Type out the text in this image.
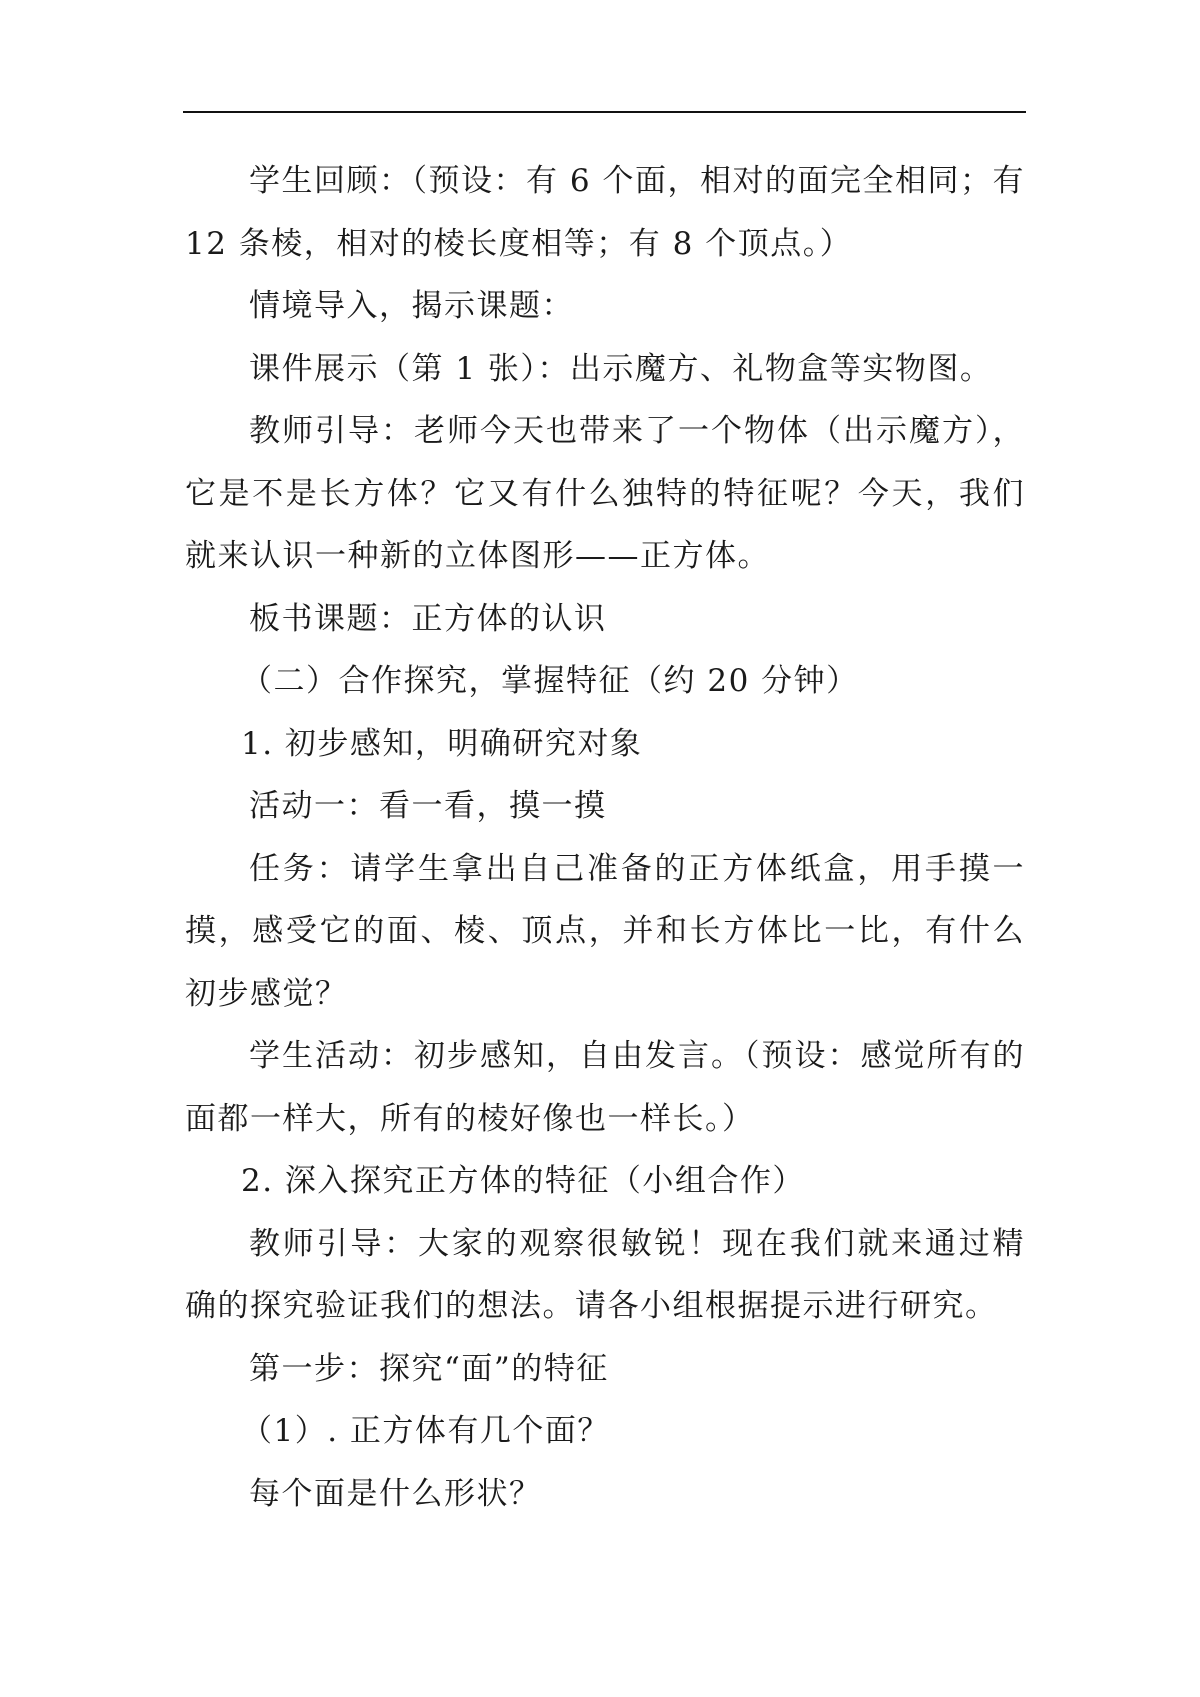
学生回顾：（预设：有 6 个面，相对的面完全相同；有 12 条棱，相对的棱长度相等；有 8 个顶点。）

情境导入，揭示课题：

课件展示（第 1 张）：出示魔方、礼物盒等实物图。

教师引导：老师今天也带来了一个物体（出示魔方），它是不是长方体？它又有什么独特的特征呢？今天，我们就来认识一种新的立体图形——正方体。

板书课题：正方体的认识

（二）合作探究，掌握特征（约 20 分钟）

1. 初步感知，明确研究对象

活动一：看一看，摸一摸

任务：请学生拿出自己准备的正方体纸盒，用手摸一摸，感受它的面、棱、顶点，并和长方体比一比，有什么初步感觉？

学生活动：初步感知，自由发言。（预设：感觉所有的面都一样大，所有的棱好像也一样长。）

2. 深入探究正方体的特征（小组合作）

教师引导：大家的观察很敏锐！现在我们就来通过精确的探究验证我们的想法。请各小组根据提示进行研究。

第一步：探究“面”的特征

（1）. 正方体有几个面？

每个面是什么形状？
